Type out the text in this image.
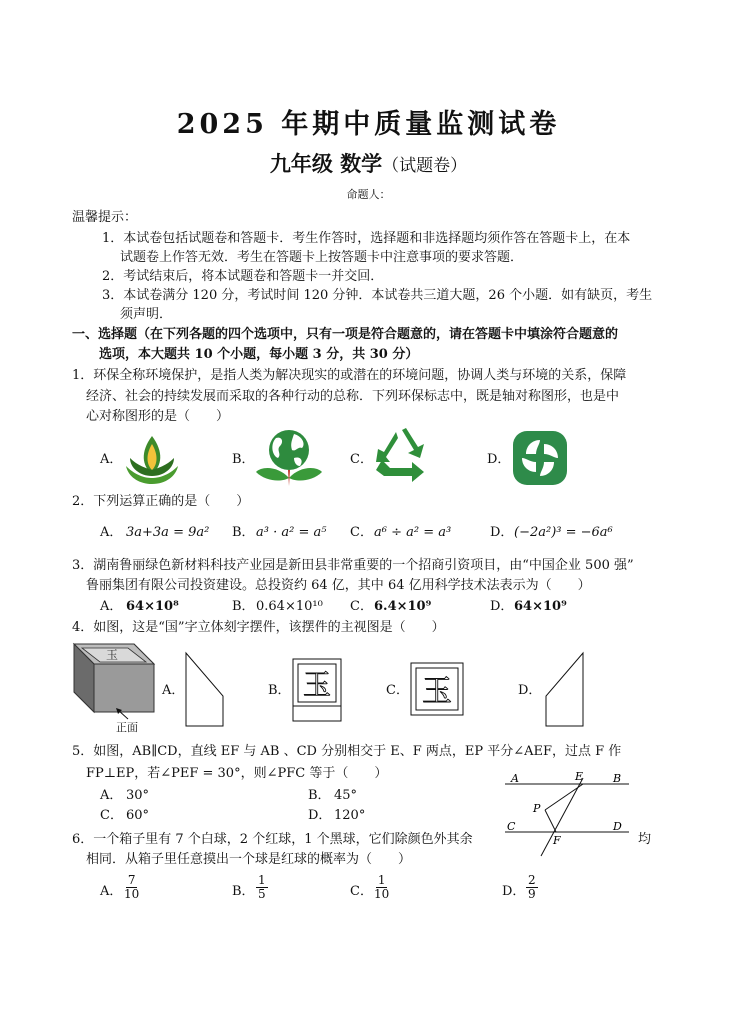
2025 年期中质量监测试卷
九年级 数学（试题卷）
命题人：
温馨提示：
1．本试卷包括试题卷和答题卡．考生作答时，选择题和非选择题均须作答在答题卡上，在本
试题卷上作答无效．考生在答题卡上按答题卡中注意事项的要求答题．
2．考试结束后，将本试题卷和答题卡一并交回．
3．本试卷满分 120 分，考试时间 120 分钟．本试卷共三道大题，26 个小题．如有缺页，考生
须声明．
一、选择题（在下列各题的四个选项中，只有一项是符合题意的，请在答题卡中填涂符合题意的
选项，本大题共 10 个小题，每小题 3 分，共 30 分）
1．环保全称环境保护，是指人类为解决现实的或潜在的环境问题，协调人类与环境的关系，保障
经济、社会的持续发展而采取的各种行动的总称．下列环保标志中，既是轴对称图形，也是中
心对称图形的是（　　）
A．	B．	C．	D．
2．下列运算正确的是（　　）
A． 3a+3a = 9a² B． a³ · a² = a⁵ C． a⁶ ÷ a² = a³	D． (−2a²)³ = −6a⁶
3．湖南鲁丽绿色新材料科技产业园是新田县非常重要的一个招商引资项目，由“中国企业 500 强”
鲁丽集团有限公司投资建设。总投资约 64 亿，其中 64 亿用科学技术法表示为（　　）
A． 64×10⁸	B． 0.64×10¹⁰ C． 6.4×10⁹	D． 64×10⁹
4．如图，这是“国”字立体刻字摆件，该摆件的主视图是（　　）
玉
正面
A．	B． 玉	C． 玉	D．
5．如图，AB∥CD，直线 EF 与 AB 、CD 分别相交于 E、F 两点，EP 平分∠AEF，过点 F 作
FP⊥EP，若∠PEF = 30°，则∠PFC 等于（　　）
A． 30°	B． 45°
C． 60°	D． 120°
A	E	B
P
C	D
F
6．一个箱子里有 7 个白球，2 个红球，1 个黑球，它们除颜色外其余	均
相同．从箱子里任意摸出一个球是红球的概率为（　　）
A． $\frac{7}{10}$	B． $\frac{1}{5}$	C． $\frac{1}{10}$	D． $\frac{2}{9}$
